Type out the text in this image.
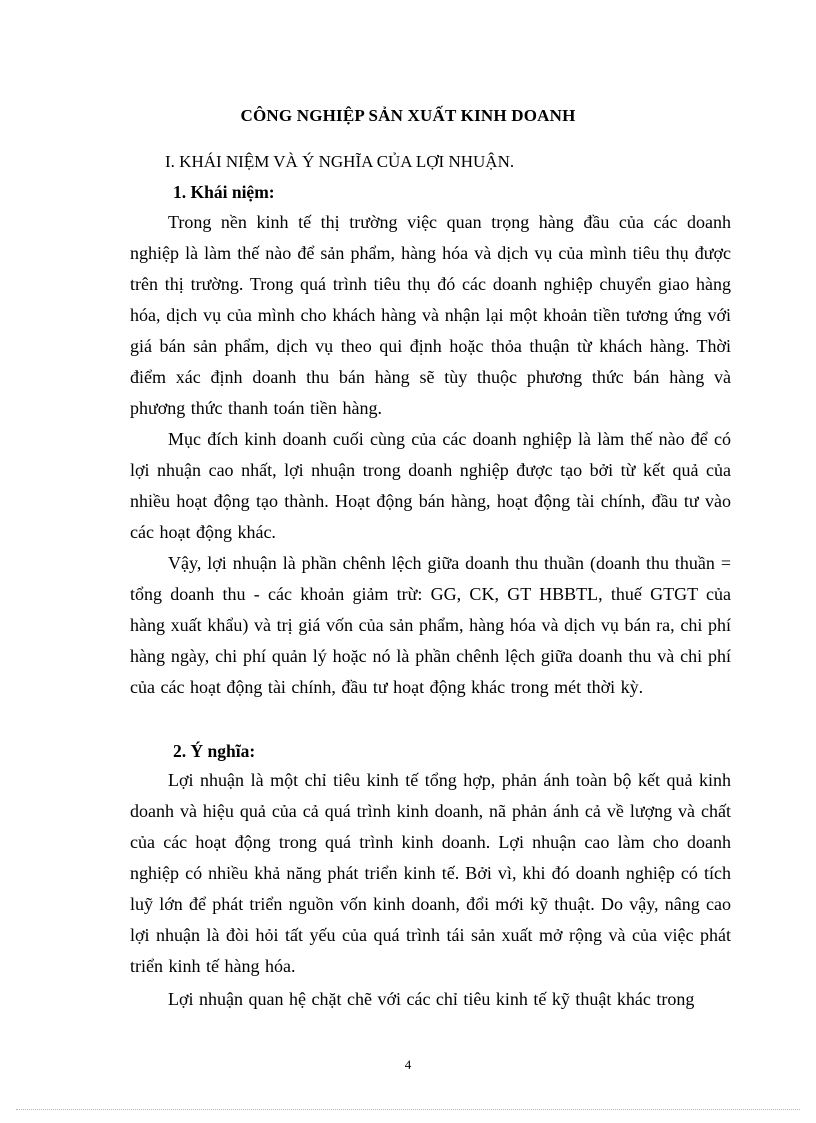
CÔNG NGHIỆP SẢN XUẤT KINH DOANH
I. KHÁI NIỆM VÀ Ý NGHĨA CỦA LỢI NHUẬN.
1. Khái niệm:

Trong nền kinh tế thị trường việc quan trọng hàng đầu của các doanh nghiệp là làm thế nào để sản phẩm, hàng hóa và dịch vụ của mình tiêu thụ được trên thị trường. Trong quá trình tiêu thụ đó các doanh nghiệp chuyển giao hàng hóa, dịch vụ của mình cho khách hàng và nhận lại một khoản tiền tương ứng với giá bán sản phẩm, dịch vụ theo qui định hoặc thỏa thuận từ khách hàng. Thời điểm xác định doanh thu bán hàng sẽ tùy thuộc phương thức bán hàng và phương thức thanh toán tiền hàng.

Mục đích kinh doanh cuối cùng của các doanh nghiệp là làm thế nào để có lợi nhuận cao nhất, lợi nhuận trong doanh nghiệp được tạo bởi từ kết quả của nhiều hoạt động tạo thành. Hoạt động bán hàng, hoạt động tài chính, đầu tư vào các hoạt động khác.

Vậy, lợi nhuận là phần chênh lệch giữa doanh thu thuần (doanh thu thuần = tổng doanh thu - các khoản giảm trừ: GG, CK, GT HBBTL, thuế GTGT của hàng xuất khẩu) và trị giá vốn của sản phẩm, hàng hóa và dịch vụ bán ra, chi phí hàng ngày, chi phí quản lý hoặc nó là phần chênh lệch giữa doanh thu và chi phí của các hoạt động tài chính, đầu tư hoạt động khác trong mét thời kỳ.

2. Ý nghĩa:

Lợi nhuận là một chỉ tiêu kinh tế tổng hợp, phản ánh toàn bộ kết quả kinh doanh và hiệu quả của cả quá trình kinh doanh, nã phản ánh cả về lượng và chất của các hoạt động trong quá trình kinh doanh. Lợi nhuận cao làm cho doanh nghiệp có nhiều khả năng phát triển kinh tế. Bởi vì, khi đó doanh nghiệp có tích luỹ lớn để phát triển nguồn vốn kinh doanh, đổi mới kỹ thuật. Do vậy, nâng cao lợi nhuận là đòi hỏi tất yếu của quá trình tái sản xuất mở rộng và của việc phát triển kinh tế hàng hóa.

Lợi nhuận quan hệ chặt chẽ với các chỉ tiêu kinh tế kỹ thuật khác trong

4
